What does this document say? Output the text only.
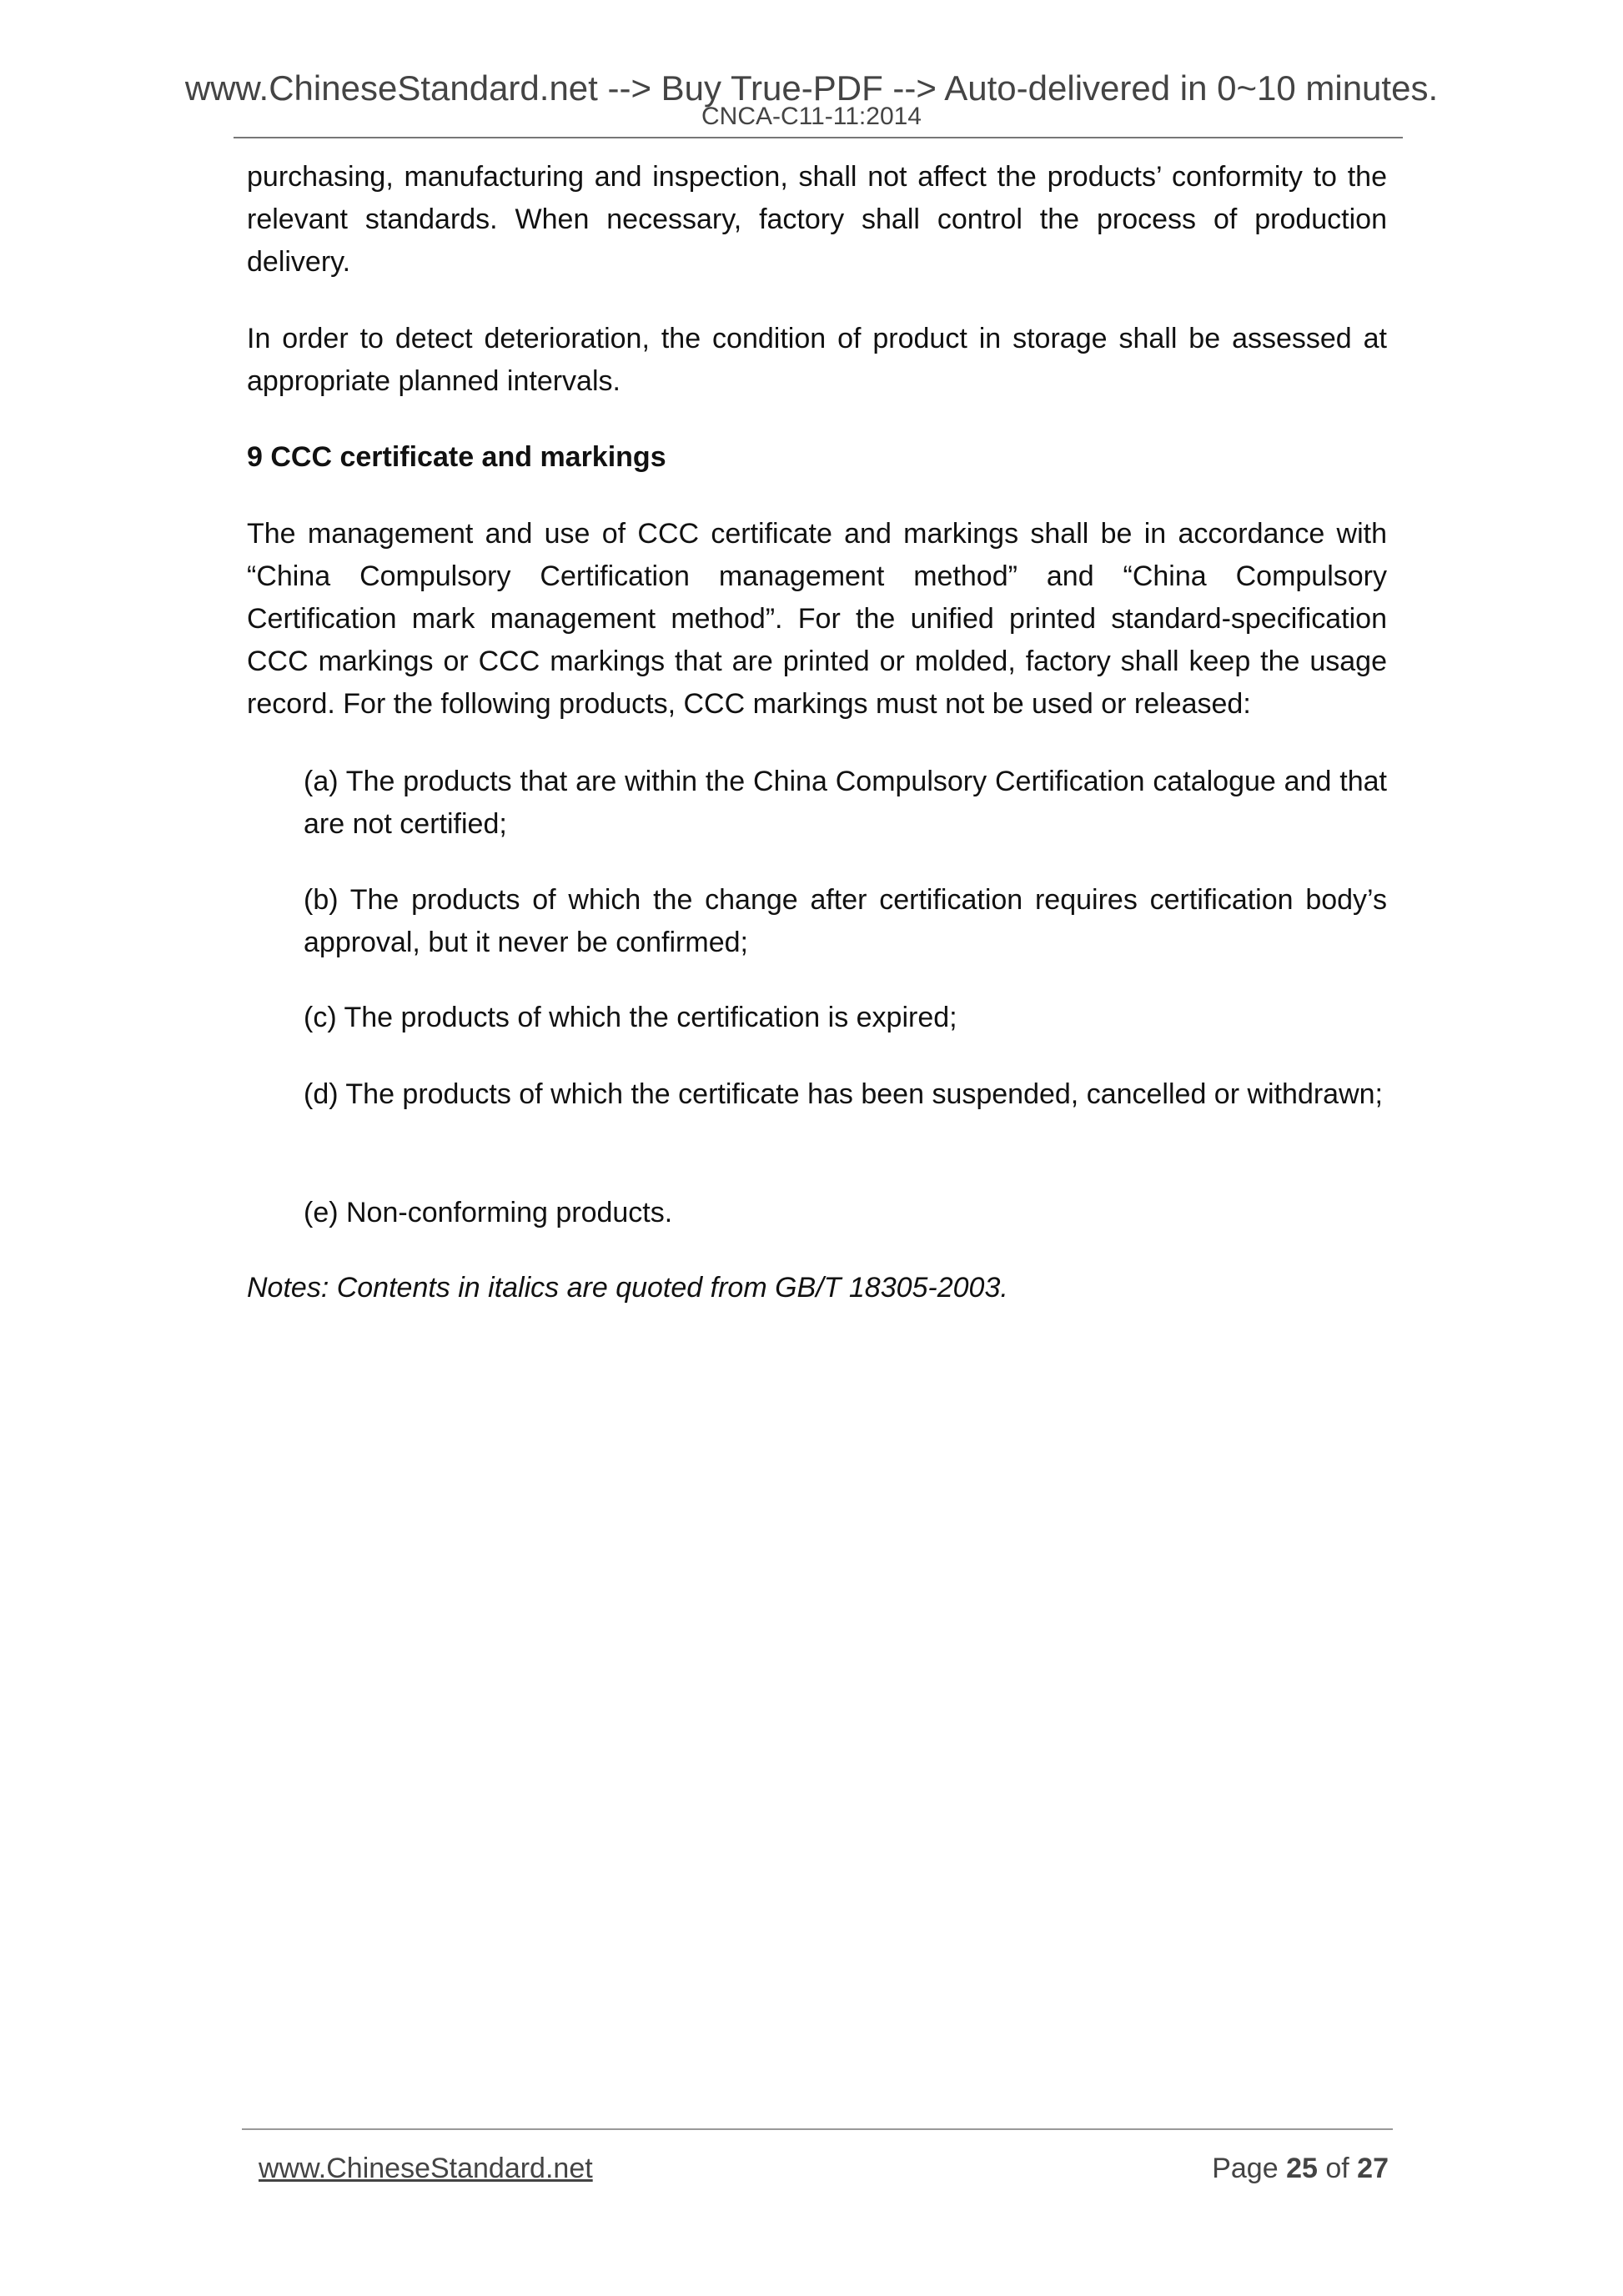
www.ChineseStandard.net --> Buy True-PDF --> Auto-delivered in 0~10 minutes.
CNCA-C11-11:2014

purchasing, manufacturing and inspection, shall not affect the products’ conformity to the relevant standards. When necessary, factory shall control the process of production delivery.

In order to detect deterioration, the condition of product in storage shall be assessed at appropriate planned intervals.

9 CCC certificate and markings

The management and use of CCC certificate and markings shall be in accordance with “China Compulsory Certification management method” and “China Compulsory Certification mark management method”. For the unified printed standard-specification CCC markings or CCC markings that are printed or molded, factory shall keep the usage record. For the following products, CCC markings must not be used or released:

(a) The products that are within the China Compulsory Certification catalogue and that are not certified;

(b) The products of which the change after certification requires certification body’s approval, but it never be confirmed;

(c) The products of which the certification is expired;

(d) The products of which the certificate has been suspended, cancelled or withdrawn;

(e) Non-conforming products.

Notes: Contents in italics are quoted from GB/T 18305-2003.

www.ChineseStandard.net	Page 25 of 27
